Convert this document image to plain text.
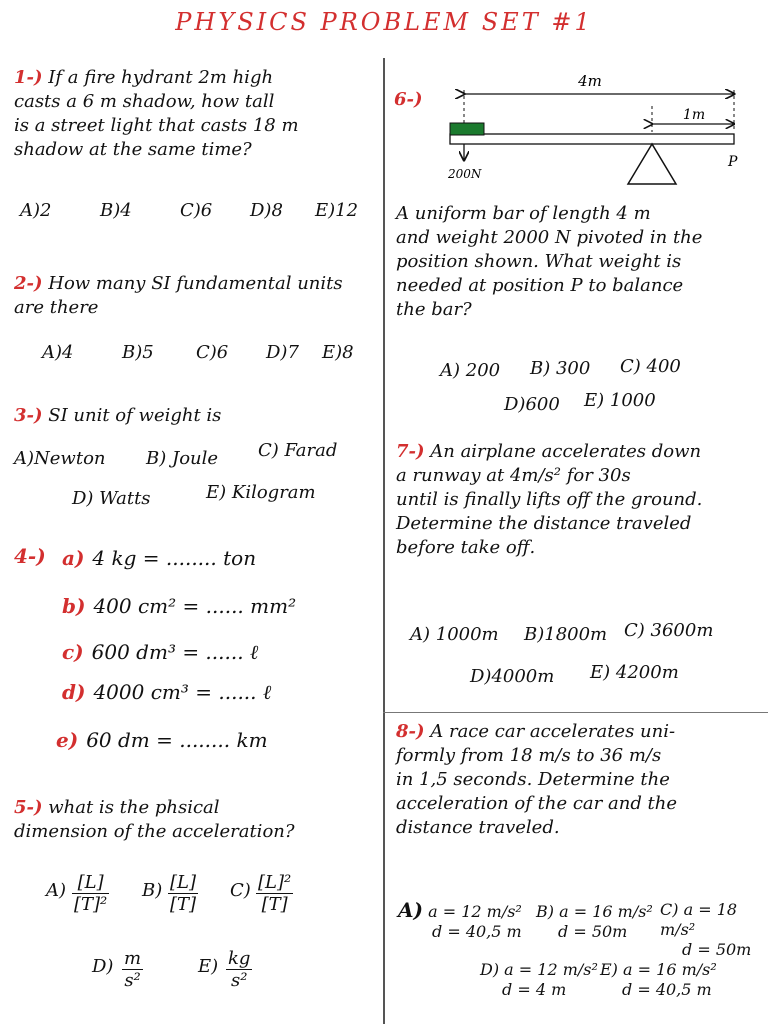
PHYSICS PROBLEM SET #1
1-) If a fire hydrant 2m high
casts a 6 m shadow, how tall
is a street light that casts 18 m
shadow at the same time?
A)2	B)4	C)6 D)8 E)12
2-) How many SI fundamental units
are there
A)4	B)5 C)6 D)7 E)8
3-) SI unit of weight is
A)Newton B) Joule C) Farad
D) Watts	E) Kilogram
4-) a) 4 kg = ........ ton
b) 400 cm² = ...... mm²
c) 600 dm³ = ...... ℓ
d) 4000 cm³ = ...... ℓ
e) 60 dm = ........ km
5-) what is the phsical
dimension of the acceleration?
$A) \frac{[L]}{\text{[T]²}} B) \frac{[L]}{[T]} C) \frac{\text{[L]²}}{[T]}$
$D) \frac{m}{\text{s²}}$	$E) \frac{kg}{\text{s²}}$
6-)
4m
1m
200N
P
A uniform bar of length 4 m
and weight 2000 N pivoted in the
position shown. What weight is
needed at position P to balance
the bar?
A) 200 B) 300 C) 400
D)600 E) 1000
7-) An airplane accelerates down
a runway at 4m/s² for 30s
until is finally lifts off the ground.
Determine the distance traveled
before take off.
A) 1000m B)1800m C) 3600m
D)4000m E) 4200m
8-) A race car accelerates uni-
formly from 18 m/s to 36 m/s
in 1,5 seconds. Determine the
acceleration of the car and the
distance traveled.
A) a = 12 m/s²
d = 40,5 m
B) a = 16 m/s²
d = 50m
C) a = 18 m/s²
d = 50m
D) a = 12 m/s²
d = 4 m
E) a = 16 m/s²
d = 40,5 m
